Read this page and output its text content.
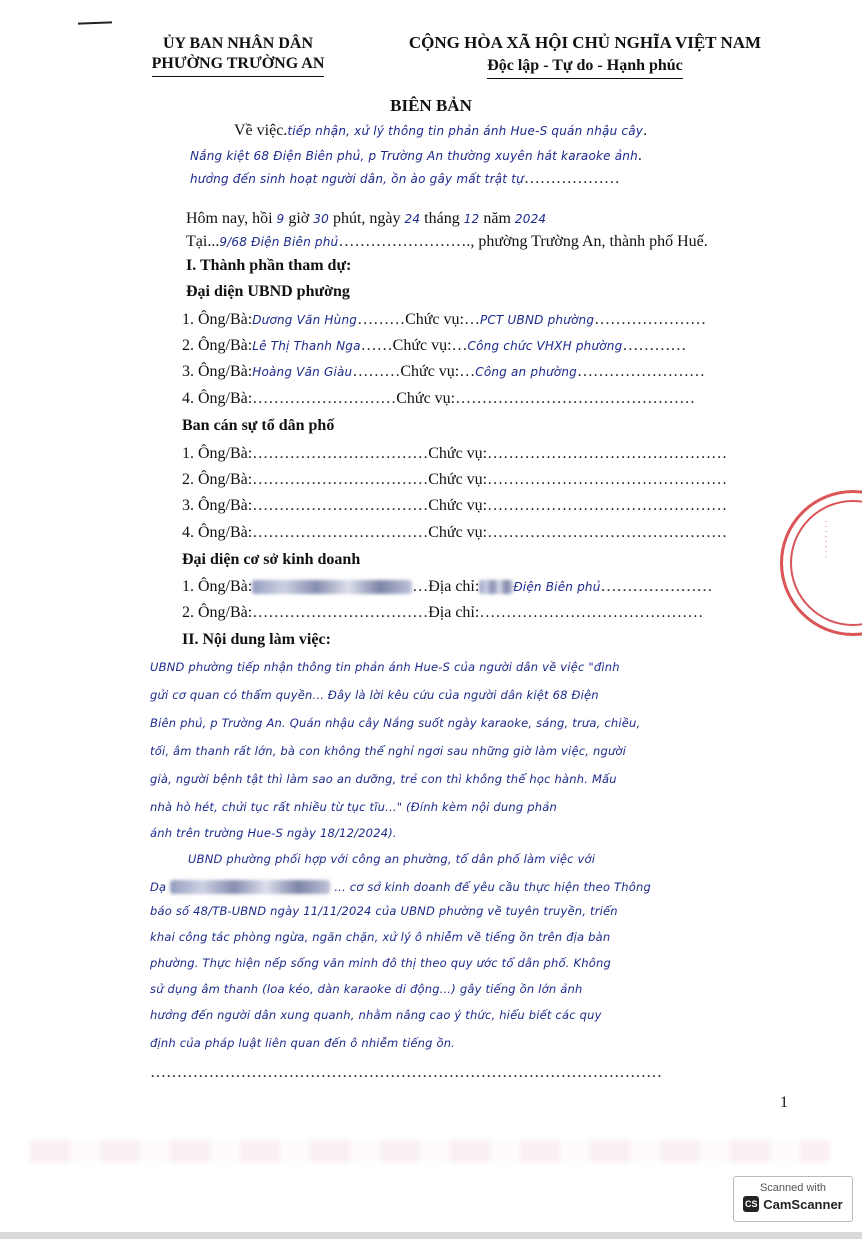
ỦY BAN NHÂN DÂN
PHƯỜNG TRƯỜNG AN
CỘNG HÒA XÃ HỘI CHỦ NGHĨA VIỆT NAM
Độc lập - Tự do - Hạnh phúc
BIÊN BẢN
Về việc.tiếp nhận, xử lý thông tin phản ánh Hue-S quán nhậu cây.
Nắng kiệt 68 Điện Biên phủ, p Trường An thường xuyên hát karaoke ảnh.
hưởng đến sinh hoạt người dân, ồn ào gây mất trật tự………………
Hôm nay, hồi 9 giờ 30 phút, ngày 24 tháng 12 năm 2024
Tại...9/68 Điện Biên phủ……………………., phường Trường An, thành phố Huế.
I. Thành phần tham dự:
Đại diện UBND phường
1. Ông/Bà:Dương Văn Hùng………Chức vụ:…PCT UBND phường…………………
2. Ông/Bà:Lê Thị Thanh Nga……Chức vụ:…Công chức VHXH phường…………
3. Ông/Bà:Hoàng Văn Giàu………Chức vụ:…Công an phường……………………
4. Ông/Bà:………………………Chức vụ:………………………………………
Ban cán sự tổ dân phố
1. Ông/Bà:……………………………Chức vụ:………………………………………
2. Ông/Bà:……………………………Chức vụ:………………………………………
3. Ông/Bà:……………………………Chức vụ:………………………………………
4. Ông/Bà:……………………………Chức vụ:………………………………………
Đại diện cơ sở kinh doanh
1. Ông/Bà:	…Địa chỉ:	Điện Biên phủ…………………
2. Ông/Bà:……………………………Địa chỉ:……………………………………
II. Nội dung làm việc:
UBND phường tiếp nhận thông tin phản ánh Hue-S của người dân về việc "đình
gửi cơ quan có thẩm quyền... Đây là lời kêu cứu của người dân kiệt 68 Điện
Biên phủ, p Trường An. Quán nhậu cây Nắng suốt ngày karaoke, sáng, trưa, chiều,
tối, âm thanh rất lớn, bà con không thể nghỉ ngơi sau những giờ làm việc, người
già, người bệnh tật thì làm sao an dưỡng, trẻ con thì không thể học hành. Mấu
nhà hò hét, chửi tục rất nhiều từ tục tĩu..." (Đính kèm nội dung phản
ánh trên trường Hue-S ngày 18/12/2024).
UBND phường phối hợp với công an phường, tổ dân phố làm việc với
Dạ	... cơ sở kinh doanh để yêu cầu thực hiện theo Thông
báo số 48/TB-UBND ngày 11/11/2024 của UBND phường về tuyên truyền, triển
khai công tác phòng ngừa, ngăn chặn, xử lý ô nhiễm về tiếng ồn trên địa bàn
phường. Thực hiện nếp sống văn minh đô thị theo quy ước tổ dân phố. Không
sử dụng âm thanh (loa kéo, dàn karaoke di động...) gây tiếng ồn lớn ảnh
hưởng đến người dân xung quanh, nhằm nâng cao ý thức, hiểu biết các quy
định của pháp luật liên quan đến ô nhiễm tiếng ồn.
……………………………………………………………………………………
1
· · · · · · · ·
Scanned with
CS CamScanner
